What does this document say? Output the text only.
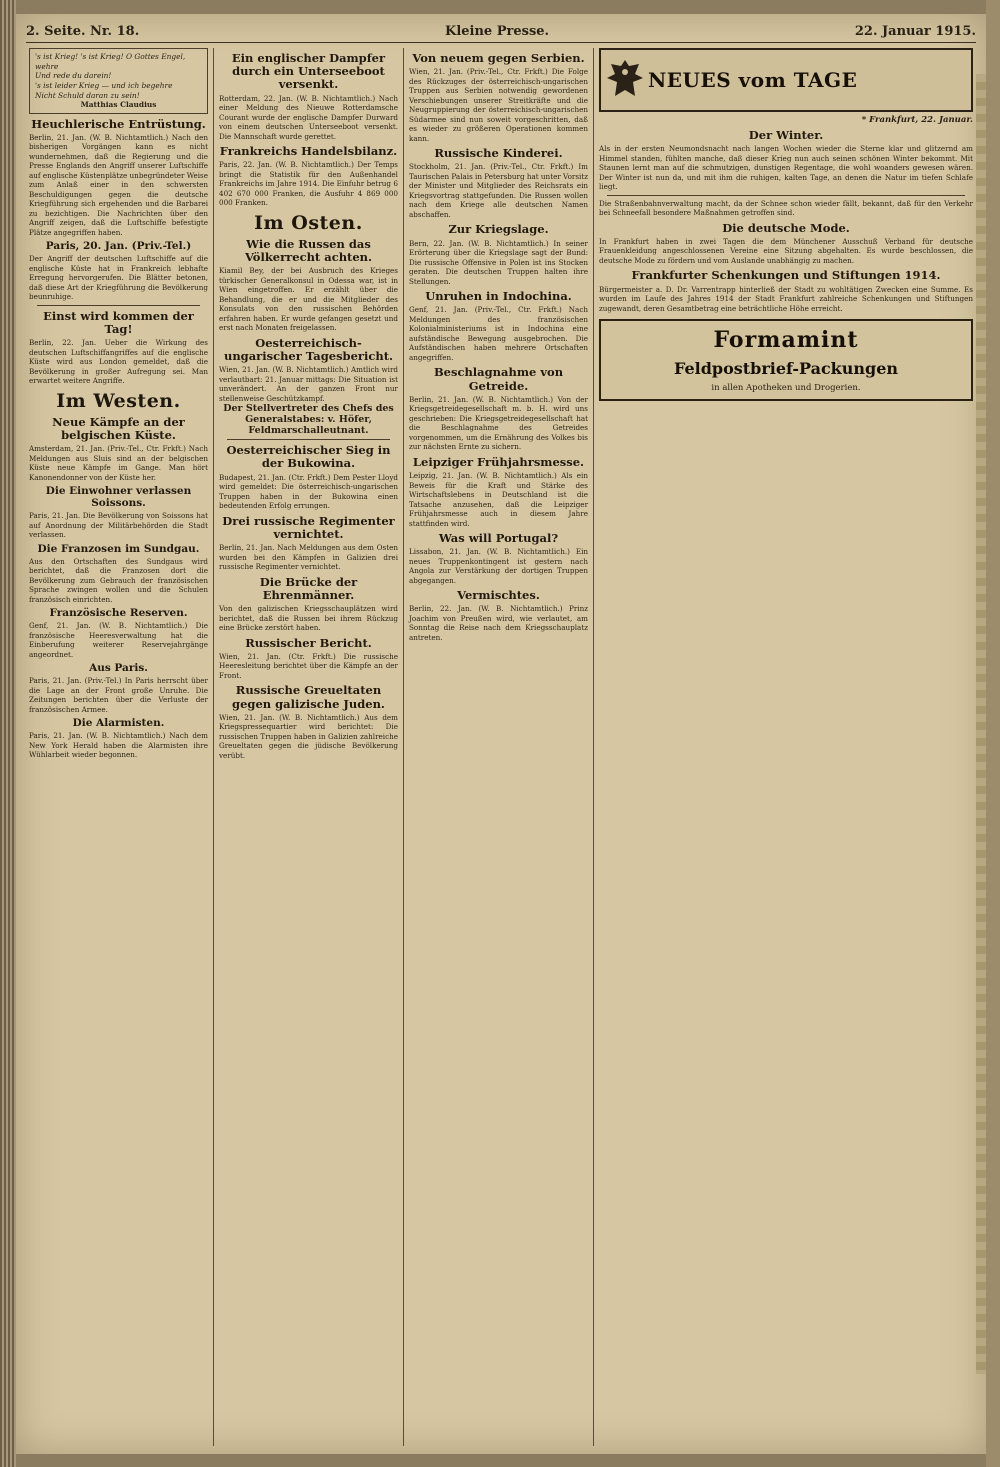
2. Seite. Nr. 18.	Kleine Presse.	22. Januar 1915.
's ist Krieg! 's ist Krieg! O Gottes Engel, wehre
Und rede du darein!
's ist leider Krieg — und ich begehre
Nicht Schuld daran zu sein!
Matthias Claudius
Heuchlerische Entrüstung.

Berlin, 21. Jan. (W. B. Nichtamtlich.) Nach den bisherigen Vorgängen kann es nicht wundernehmen, daß die Regierung und die Presse Englands den Angriff unserer Luftschiffe auf englische Küstenplätze unbegründeter Weise zum Anlaß einer in den schwersten Beschuldigungen gegen die deutsche Kriegführung sich ergehenden und die Barbarei zu bezichtigen. Die Nachrichten über den Angriff zeigen, daß die Luftschiffe befestigte Plätze angegriffen haben.

Paris, 20. Jan. (Priv.-Tel.)

Der Angriff der deutschen Luftschiffe auf die englische Küste hat in Frankreich lebhafte Erregung hervorgerufen. Die Blätter betonen, daß diese Art der Kriegführung die Bevölkerung beunruhige.

Einst wird kommen der Tag!

Berlin, 22. Jan. Ueber die Wirkung des deutschen Luftschiffangriffes auf die englische Küste wird aus London gemeldet, daß die Bevölkerung in großer Aufregung sei. Man erwartet weitere Angriffe.

Im Westen.
Neue Kämpfe an der belgischen Küste.

Amsterdam, 21. Jan. (Priv.-Tel., Ctr. Frkft.) Nach Meldungen aus Sluis sind an der belgischen Küste neue Kämpfe im Gange. Man hört Kanonendonner von der Küste her.

Die Einwohner verlassen Soissons.

Paris, 21. Jan. Die Bevölkerung von Soissons hat auf Anordnung der Militärbehörden die Stadt verlassen.

Die Franzosen im Sundgau.

Aus den Ortschaften des Sundgaus wird berichtet, daß die Franzosen dort die Bevölkerung zum Gebrauch der französischen Sprache zwingen wollen und die Schulen französisch einrichten.

Französische Reserven.

Genf, 21. Jan. (W. B. Nichtamtlich.) Die französische Heeresverwaltung hat die Einberufung weiterer Reservejahrgänge angeordnet.

Aus Paris.

Paris, 21. Jan. (Priv.-Tel.) In Paris herrscht über die Lage an der Front große Unruhe. Die Zeitungen berichten über die Verluste der französischen Armee.

Die Alarmisten.

Paris, 21. Jan. (W. B. Nichtamtlich.) Nach dem New York Herald haben die Alarmisten ihre Wühlarbeit wieder begonnen.

Ein englischer Dampfer durch ein Unterseeboot versenkt.

Rotterdam, 22. Jan. (W. B. Nichtamtlich.) Nach einer Meldung des Nieuwe Rotterdamsche Courant wurde der englische Dampfer Durward von einem deutschen Unterseeboot versenkt. Die Mannschaft wurde gerettet.

Frankreichs Handelsbilanz.

Paris, 22. Jan. (W. B. Nichtamtlich.) Der Temps bringt die Statistik für den Außenhandel Frankreichs im Jahre 1914. Die Einfuhr betrug 6 402 670 000 Franken, die Ausfuhr 4 869 000 000 Franken.

Im Osten.
Wie die Russen das Völkerrecht achten.

Kiamil Bey, der bei Ausbruch des Krieges türkischer Generalkonsul in Odessa war, ist in Wien eingetroffen. Er erzählt über die Behandlung, die er und die Mitglieder des Konsulats von den russischen Behörden erfahren haben. Er wurde gefangen gesetzt und erst nach Monaten freigelassen.

Oesterreichisch-ungarischer Tagesbericht.

Wien, 21. Jan. (W. B. Nichtamtlich.) Amtlich wird verlautbart: 21. Januar mittags: Die Situation ist unverändert. An der ganzen Front nur stellenweise Geschützkampf.

Der Stellvertreter des Chefs des Generalstabes: v. Höfer, Feldmarschalleutnant.
Oesterreichischer Sieg in der Bukowina.

Budapest, 21. Jan. (Ctr. Frkft.) Dem Pester Lloyd wird gemeldet: Die österreichisch-ungarischen Truppen haben in der Bukowina einen bedeutenden Erfolg errungen.

Drei russische Regimenter vernichtet.

Berlin, 21. Jan. Nach Meldungen aus dem Osten wurden bei den Kämpfen in Galizien drei russische Regimenter vernichtet.

Die Brücke der Ehrenmänner.

Von den galizischen Kriegsschauplätzen wird berichtet, daß die Russen bei ihrem Rückzug eine Brücke zerstört haben.

Russischer Bericht.

Wien, 21. Jan. (Ctr. Frkft.) Die russische Heeresleitung berichtet über die Kämpfe an der Front.

Russische Greueltaten gegen galizische Juden.

Wien, 21. Jan. (W. B. Nichtamtlich.) Aus dem Kriegspressequartier wird berichtet: Die russischen Truppen haben in Galizien zahlreiche Greueltaten gegen die jüdische Bevölkerung verübt.

Von neuem gegen Serbien.

Wien, 21. Jan. (Priv.-Tel., Ctr. Frkft.) Die Folge des Rückzuges der österreichisch-ungarischen Truppen aus Serbien notwendig gewordenen Verschiebungen unserer Streitkräfte und die Neugruppierung der österreichisch-ungarischen Südarmee sind nun soweit vorgeschritten, daß es wieder zu größeren Operationen kommen kann.

Russische Kinderei.

Stockholm, 21. Jan. (Priv.-Tel., Ctr. Frkft.) Im Taurischen Palais in Petersburg hat unter Vorsitz der Minister und Mitglieder des Reichsrats ein Kriegsvortrag stattgefunden. Die Russen wollen nach dem Kriege alle deutschen Namen abschaffen.

Zur Kriegslage.

Bern, 22. Jan. (W. B. Nichtamtlich.) In seiner Erörterung über die Kriegslage sagt der Bund: Die russische Offensive in Polen ist ins Stocken geraten. Die deutschen Truppen halten ihre Stellungen.

Unruhen in Indochina.

Genf, 21. Jan. (Priv.-Tel., Ctr. Frkft.) Nach Meldungen des französischen Kolonialministeriums ist in Indochina eine aufständische Bewegung ausgebrochen. Die Aufständischen haben mehrere Ortschaften angegriffen.

Beschlagnahme von Getreide.

Berlin, 21. Jan. (W. B. Nichtamtlich.) Von der Kriegsgetreidegesellschaft m. b. H. wird uns geschrieben: Die Kriegsgetreidegesellschaft hat die Beschlagnahme des Getreides vorgenommen, um die Ernährung des Volkes bis zur nächsten Ernte zu sichern.

Leipziger Frühjahrsmesse.

Leipzig, 21. Jan. (W. B. Nichtamtlich.) Als ein Beweis für die Kraft und Stärke des Wirtschaftslebens in Deutschland ist die Tatsache anzusehen, daß die Leipziger Frühjahrsmesse auch in diesem Jahre stattfinden wird.

Was will Portugal?

Lissabon, 21. Jan. (W. B. Nichtamtlich.) Ein neues Truppenkontingent ist gestern nach Angola zur Verstärkung der dortigen Truppen abgegangen.

Vermischtes.

Berlin, 22. Jan. (W. B. Nichtamtlich.) Prinz Joachim von Preußen wird, wie verlautet, am Sonntag die Reise nach dem Kriegsschauplatz antreten.

NEUES vom TAGE
* Frankfurt, 22. Januar.
Der Winter.

Als in der ersten Neumondsnacht nach langen Wochen wieder die Sterne klar und glitzernd am Himmel standen, fühlten manche, daß dieser Krieg nun auch seinen schönen Winter bekommt. Mit Staunen lernt man auf die schmutzigen, dunstigen Regentage, die wohl woanders gewesen wären. Der Winter ist nun da, und mit ihm die ruhigen, kalten Tage, an denen die Natur im tiefen Schlafe liegt.

Die Straßenbahnverwaltung macht, da der Schnee schon wieder fällt, bekannt, daß für den Verkehr bei Schneefall besondere Maßnahmen getroffen sind.

Die deutsche Mode.

In Frankfurt haben in zwei Tagen die dem Münchener Ausschuß Verband für deutsche Frauenkleidung angeschlossenen Vereine eine Sitzung abgehalten. Es wurde beschlossen, die deutsche Mode zu fördern und vom Auslande unabhängig zu machen.

Frankfurter Schenkungen und Stiftungen 1914.

Bürgermeister a. D. Dr. Varrentrapp hinterließ der Stadt zu wohltätigen Zwecken eine Summe. Es wurden im Laufe des Jahres 1914 der Stadt Frankfurt zahlreiche Schenkungen und Stiftungen zugewandt, deren Gesamtbetrag eine beträchtliche Höhe erreicht.

Formamint
Feldpostbrief-Packungen
in allen Apotheken und Drogerien.
